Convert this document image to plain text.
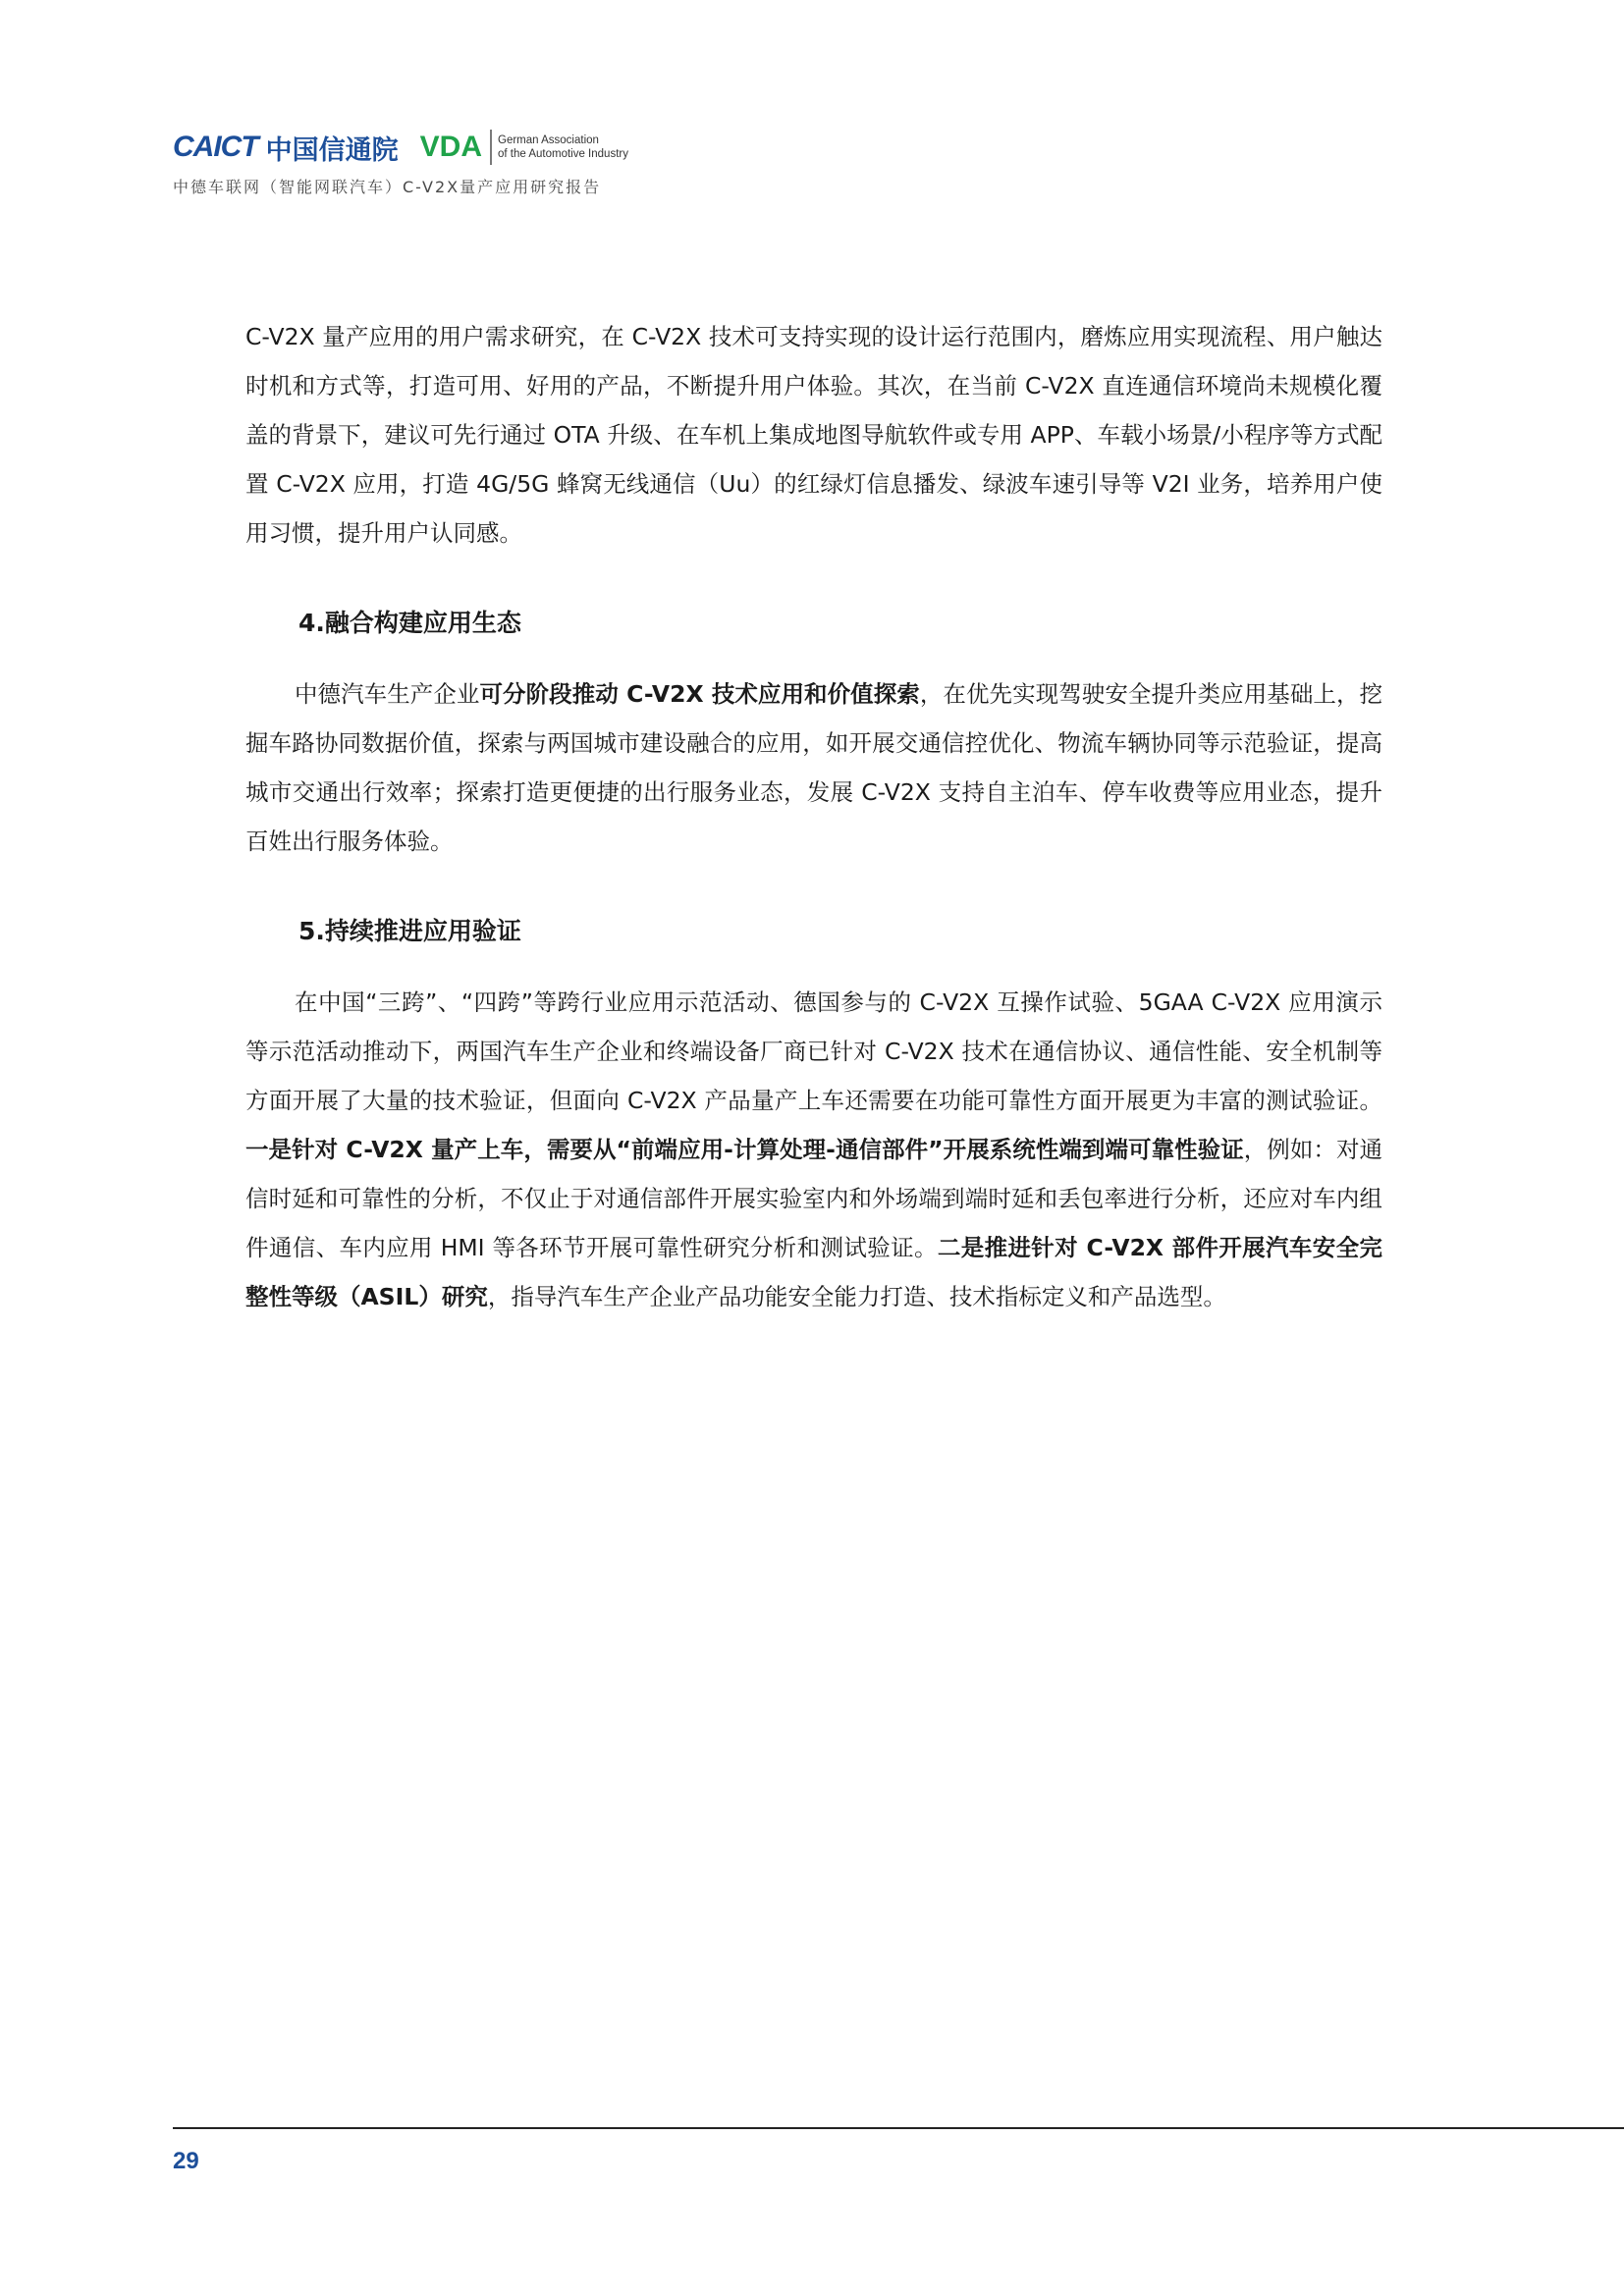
CAICT 中国信通院 VDA German Association
of the Automotive Industry
中德车联网（智能网联汽车）C-V2X量产应用研究报告

C-V2X 量产应用的用户需求研究，在 C-V2X 技术可支持实现的设计运行范围内，磨炼应用实现流程、用户触达时机和方式等，打造可用、好用的产品，不断提升用户体验。其次，在当前 C-V2X 直连通信环境尚未规模化覆盖的背景下，建议可先行通过 OTA 升级、在车机上集成地图导航软件或专用 APP、车载小场景/小程序等方式配置 C-V2X 应用，打造 4G/5G 蜂窝无线通信（Uu）的红绿灯信息播发、绿波车速引导等 V2I 业务，培养用户使用习惯，提升用户认同感。

4.融合构建应用生态

中德汽车生产企业可分阶段推动 C-V2X 技术应用和价值探索，在优先实现驾驶安全提升类应用基础上，挖掘车路协同数据价值，探索与两国城市建设融合的应用，如开展交通信控优化、物流车辆协同等示范验证，提高城市交通出行效率；探索打造更便捷的出行服务业态，发展 C-V2X 支持自主泊车、停车收费等应用业态，提升百姓出行服务体验。

5.持续推进应用验证

在中国“三跨”、“四跨”等跨行业应用示范活动、德国参与的 C-V2X 互操作试验、5GAA C-V2X 应用演示等示范活动推动下，两国汽车生产企业和终端设备厂商已针对 C-V2X 技术在通信协议、通信性能、安全机制等方面开展了大量的技术验证，但面向 C-V2X 产品量产上车还需要在功能可靠性方面开展更为丰富的测试验证。一是针对 C-V2X 量产上车，需要从“前端应用-计算处理-通信部件”开展系统性端到端可靠性验证，例如：对通信时延和可靠性的分析，不仅止于对通信部件开展实验室内和外场端到端时延和丢包率进行分析，还应对车内组件通信、车内应用 HMI 等各环节开展可靠性研究分析和测试验证。二是推进针对 C-V2X 部件开展汽车安全完整性等级（ASIL）研究，指导汽车生产企业产品功能安全能力打造、技术指标定义和产品选型。

29
